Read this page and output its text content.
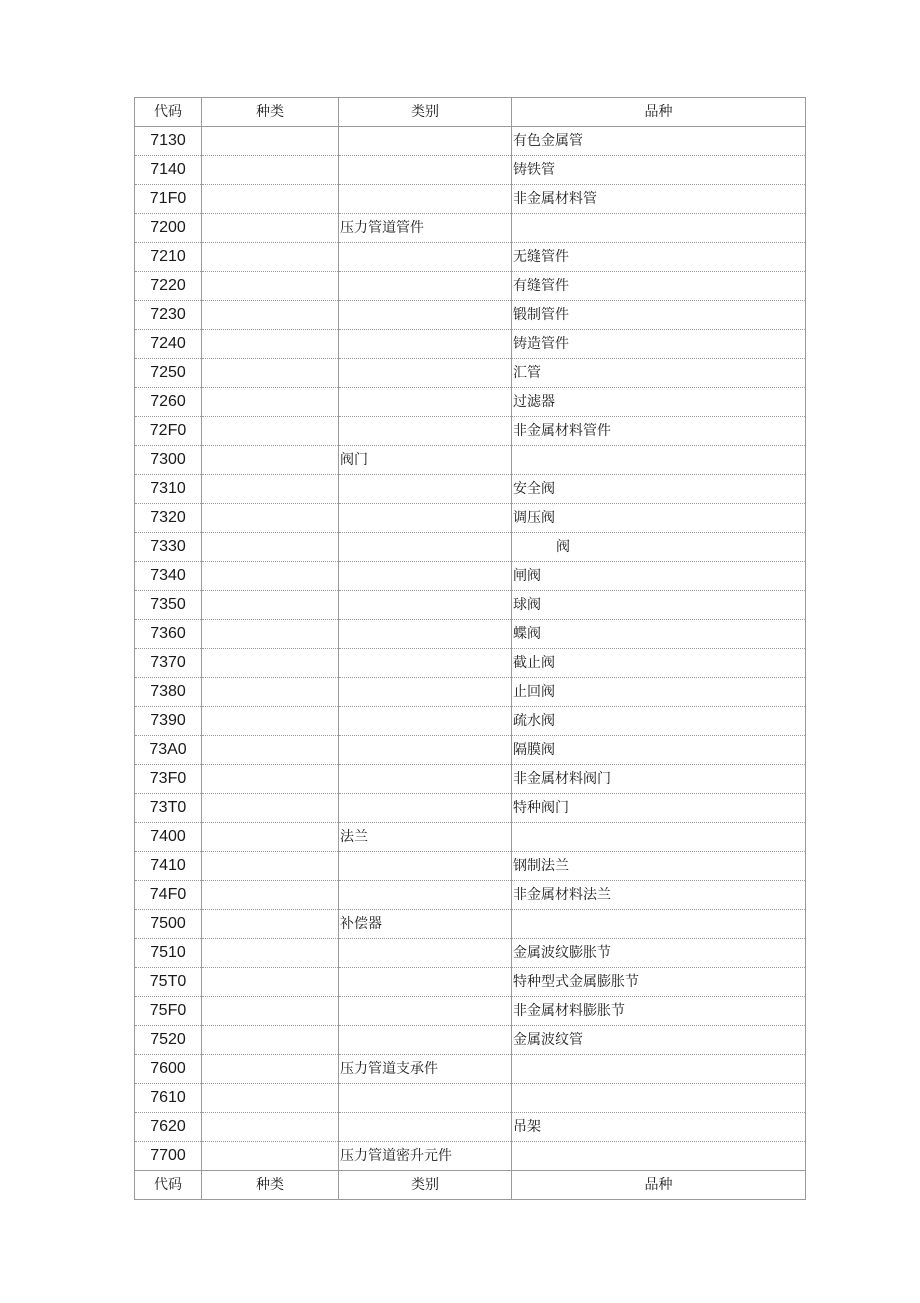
代码	种类	类别	品种
7130			有色金属管
7140			铸铁管
71F0			非金属材料管
7200		压力管道管件	
7210			无缝管件
7220			有缝管件
7230			锻制管件
7240			铸造管件
7250			汇管
7260			过滤器
72F0			非金属材料管件
7300		阀门	
7310			安全阀
7320			调压阀
7330			阀
7340			闸阀
7350			球阀
7360			蝶阀
7370			截止阀
7380			止回阀
7390			疏水阀
73A0			隔膜阀
73F0			非金属材料阀门
73T0			特种阀门
7400		法兰	
7410			钢制法兰
74F0			非金属材料法兰
7500		补偿器	
7510			金属波纹膨胀节
75T0			特种型式金属膨胀节
75F0			非金属材料膨胀节
7520			金属波纹管
7600		压力管道支承件	
7610			
7620			吊架
7700		压力管道密升元件	
代码	种类	类别	品种
